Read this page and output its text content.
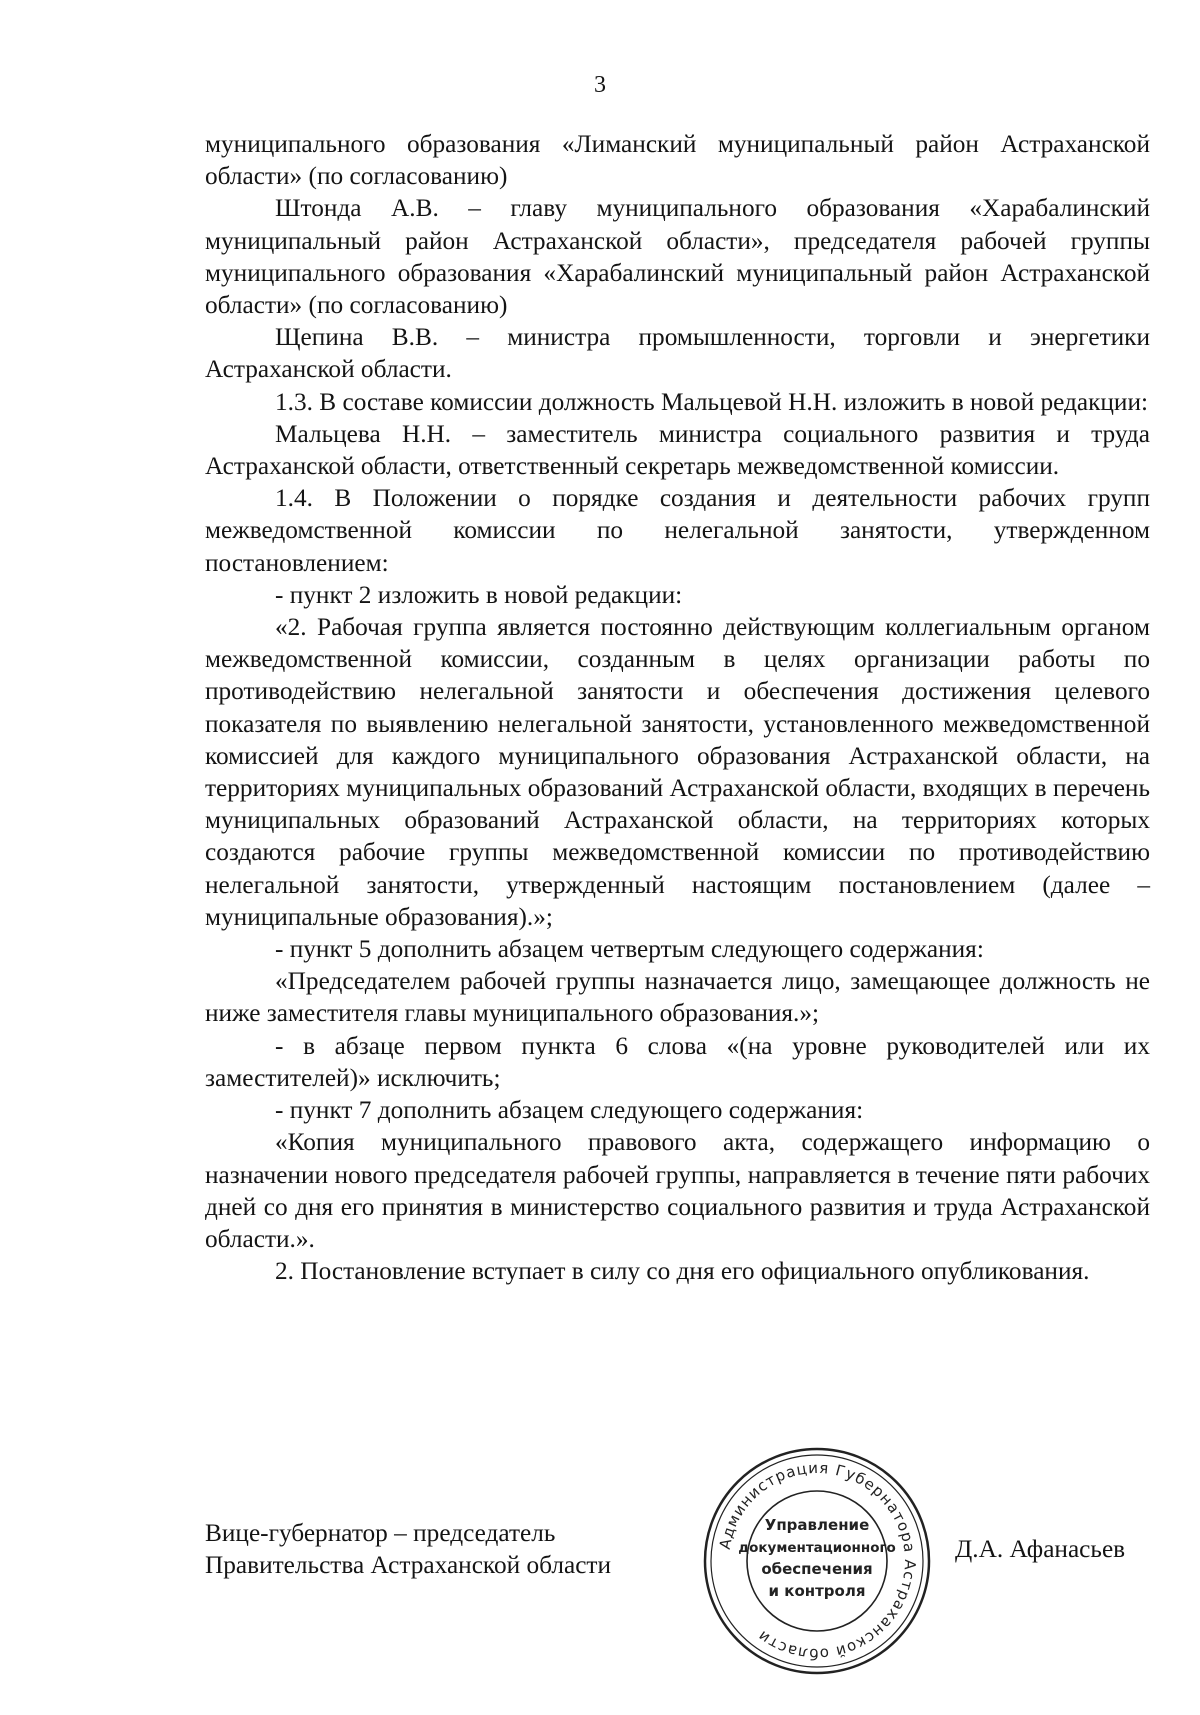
3

муниципального образования «Лиманский муниципальный район Астраханской области» (по согласованию)

Штонда А.В. – главу муниципального образования «Харабалинский муниципальный район Астраханской области», председателя рабочей группы муниципального образования «Харабалинский муниципальный район Астраханской области» (по согласованию)

Щепина В.В. – министра промышленности, торговли и энергетики Астраханской области.

1.3. В составе комиссии должность Мальцевой Н.Н. изложить в новой редакции:

Мальцева Н.Н. – заместитель министра социального развития и труда Астраханской области, ответственный секретарь межведомственной комиссии.

1.4. В Положении о порядке создания и деятельности рабочих групп межведомственной комиссии по нелегальной занятости, утвержденном постановлением:

- пункт 2 изложить в новой редакции:

«2. Рабочая группа является постоянно действующим коллегиальным органом межведомственной комиссии, созданным в целях организации работы по противодействию нелегальной занятости и обеспечения достижения целевого показателя по выявлению нелегальной занятости, установленного межведомственной комиссией для каждого муниципального образования Астраханской области, на территориях муниципальных образований Астраханской области, входящих в перечень муниципальных образований Астраханской области, на территориях которых создаются рабочие группы межведомственной комиссии по противодействию нелегальной занятости, утвержденный настоящим постановлением (далее – муниципальные образования).»;

- пункт 5 дополнить абзацем четвертым следующего содержания:

«Председателем рабочей группы назначается лицо, замещающее должность не ниже заместителя главы муниципального образования.»;

- в абзаце первом пункта 6 слова «(на уровне руководителей или их заместителей)» исключить;

- пункт 7 дополнить абзацем следующего содержания:

«Копия муниципального правового акта, содержащего информацию о назначении нового председателя рабочей группы, направляется в течение пяти рабочих дней со дня его принятия в министерство социального развития и труда Астраханской области.».

2. Постановление вступает в силу со дня его официального опубликования.

Вице-губернатор – председатель
Правительства Астраханской области
Д.А. Афанасьев
Администрация Губернатора Астраханской области
Управление
документационного
обеспечения
и контроля
